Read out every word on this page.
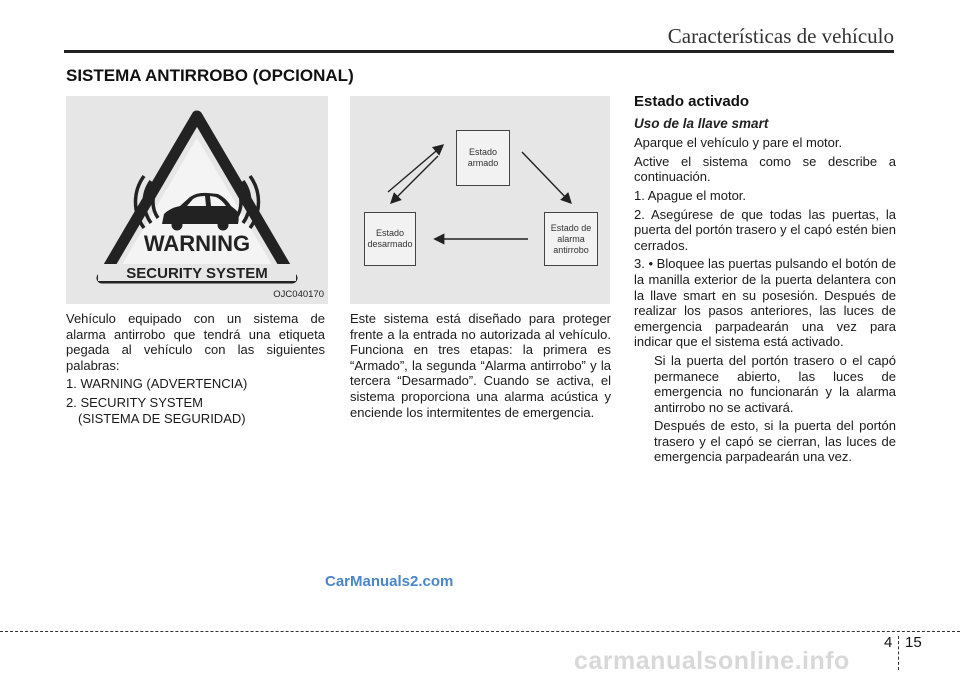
Características de vehículo
SISTEMA ANTIRROBO (OPCIONAL)
WARNING
SECURITY SYSTEM
OJC040170
Estado
armado
Estado
desarmado
Estado de
alarma
antirrobo

Vehículo equipado con un sistema de alarma antirrobo que tendrá una etiqueta pegada al vehículo con las siguientes palabras:

1. WARNING (ADVERTENCIA)

2. SECURITY SYSTEM

(SISTEMA DE SEGURIDAD)

Este sistema está diseñado para proteger frente a la entrada no autorizada al vehículo. Funciona en tres etapas: la primera es “Armado”, la segunda “Alarma antirrobo” y la tercera “Desarmado”. Cuando se activa, el sistema proporciona una alarma acústica y enciende los intermitentes de emergencia.

Estado activado
Uso de la llave smart

Aparque el vehículo y pare el motor.

Active el sistema como se describe a continuación.

1. Apague el motor.

2. Asegúrese de que todas las puertas, la puerta del portón trasero y el capó estén bien cerrados.

3. • Bloquee las puertas pulsando el botón de la manilla exterior de la puerta delantera con la llave smart en su posesión. Después de realizar los pasos anteriores, las luces de emergencia parpadearán una vez para indicar que el sistema está activado.

Si la puerta del portón trasero o el capó permanece abierto, las luces de emergencia no funcionarán y la alarma antirrobo no se activará.

Después de esto, si la puerta del portón trasero y el capó se cierran, las luces de emergencia parpadearán una vez.

CarManuals2.com
4 15
carmanualsonline.info
